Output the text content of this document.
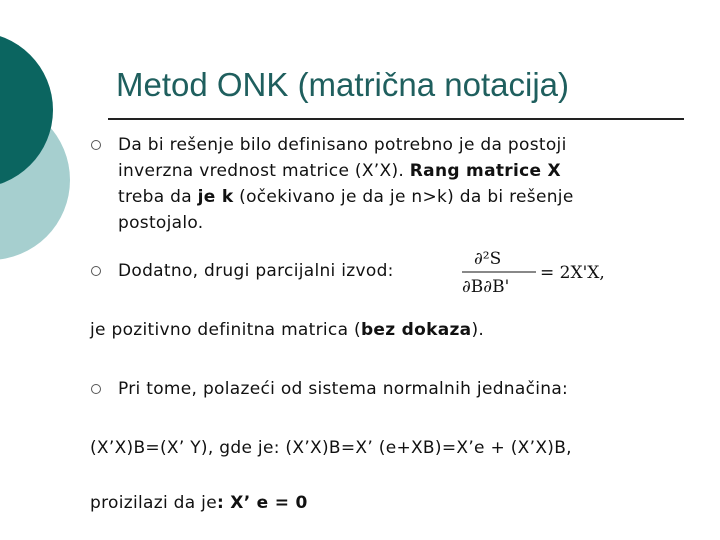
Metod ONK (matrična notacija)
Da bi rešenje bilo definisano potrebno je da postoji
inverzna vrednost matrice (X’X). Rang matrice X
treba da je k (očekivano je da je n>k) da bi rešenje
postojalo.
Dodatno, drugi parcijalni izvod:
∂²S
∂B∂B'
= 2X'X,
je pozitivno definitna matrica (bez dokaza).
Pri tome, polazeći od sistema normalnih jednačina:
(X’X)B=(X’ Y), gde je: (X’X)B=X’ (e+XB)=X’e + (X’X)B,
proizilazi da je: X’ e = 0
